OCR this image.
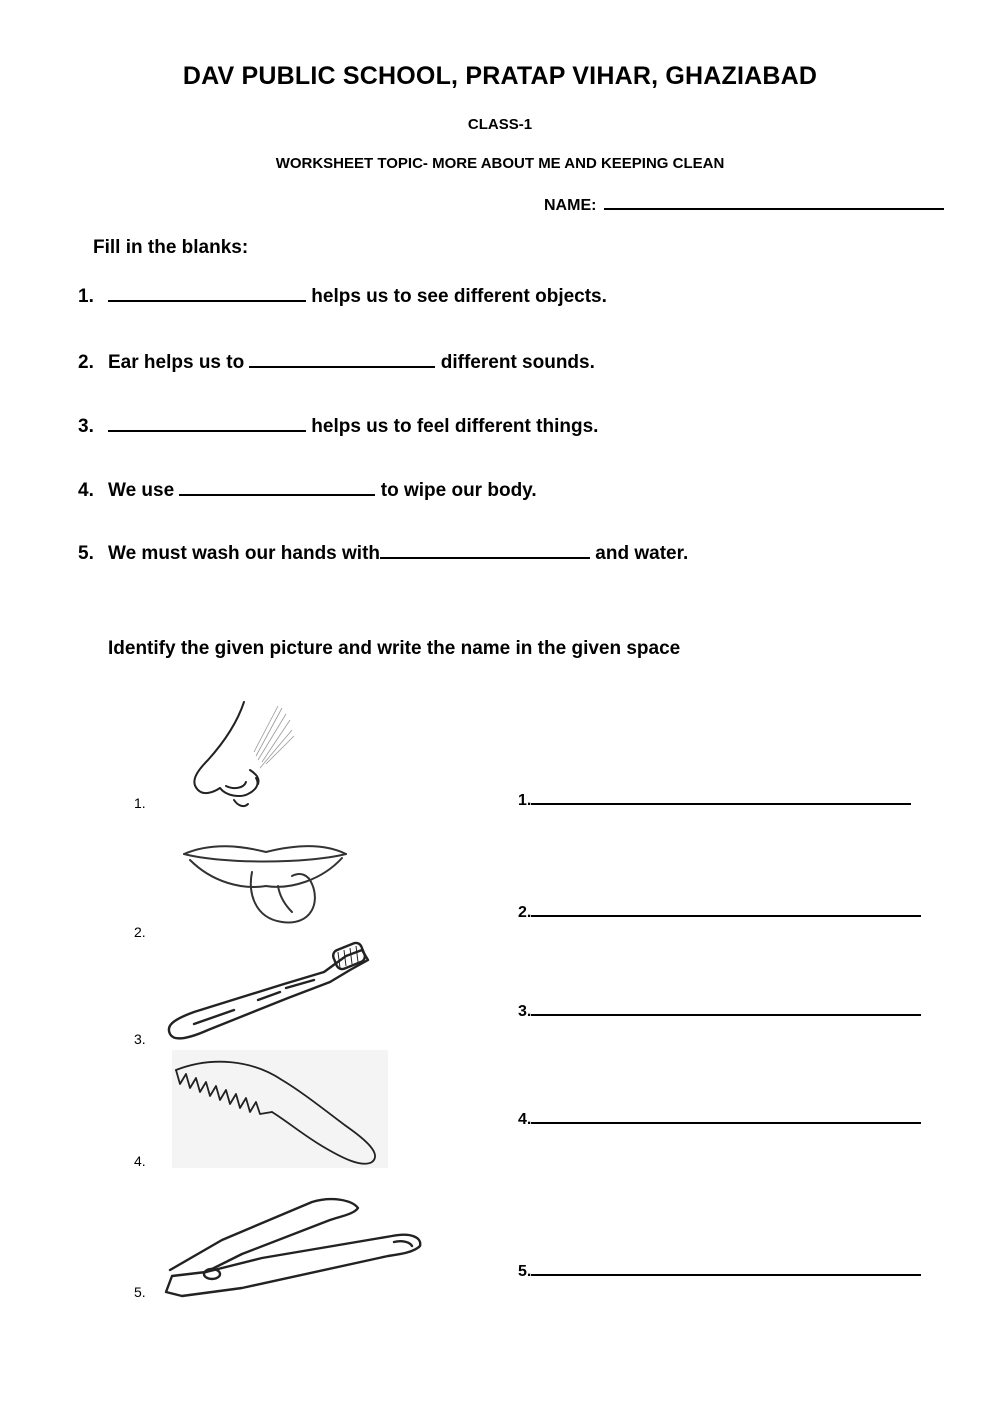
DAV PUBLIC SCHOOL, PRATAP VIHAR, GHAZIABAD
CLASS-1
WORKSHEET TOPIC- MORE ABOUT ME AND KEEPING CLEAN
NAME:
Fill in the blanks:
1.	helps us to see different objects.
2. Ear helps us to	different sounds.
3.	helps us to feel different things.
4. We use	to wipe our body.
5. We must wash our hands with	and water.
Identify the given picture and write the name in the given space
1.
2.
3.
4.
5.
1.
2.
3.
4.
5.
